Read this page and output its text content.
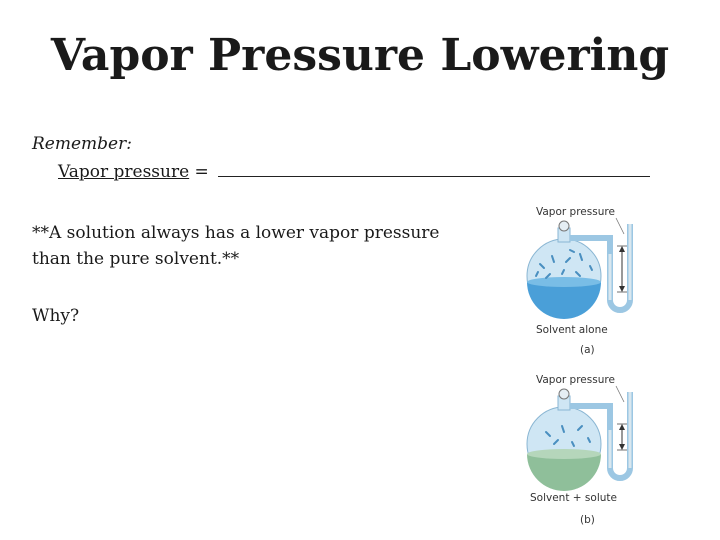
Vapor Pressure Lowering
Remember:
Vapor pressure =
**A solution always has a lower vapor pressure
than the pure solvent.**
Why?
Vapor pressure
Solvent alone
(a)
Vapor pressure
Solvent + solute
(b)
